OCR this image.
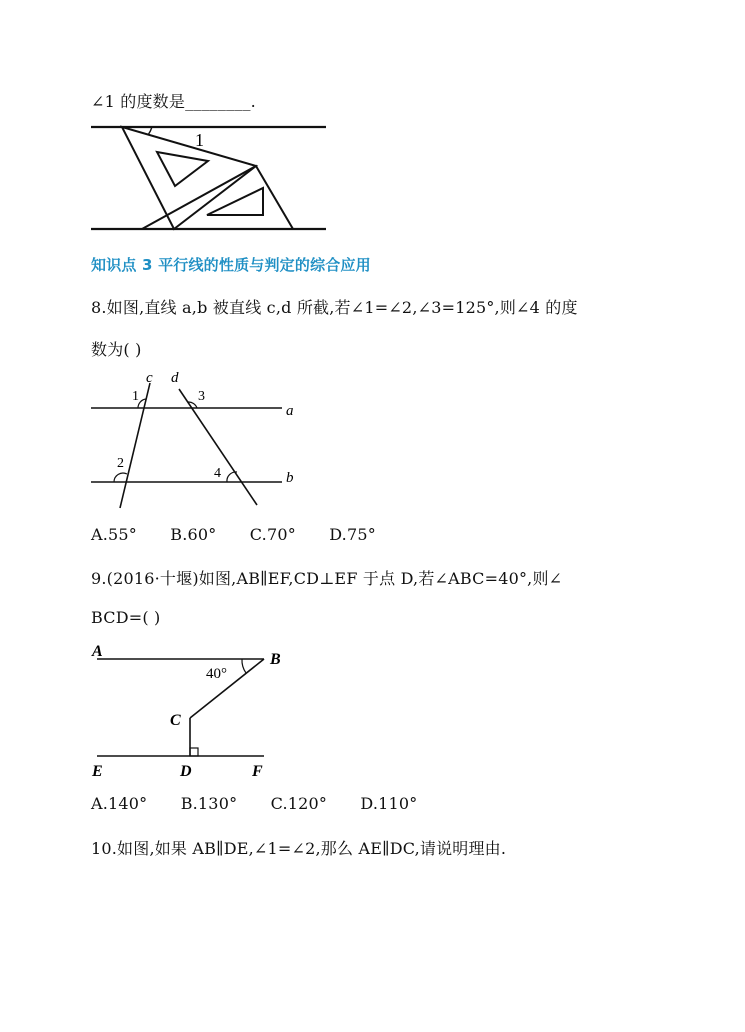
∠1 的度数是________.
1
知识点 3 平行线的性质与判定的综合应用
8.如图,直线 a,b 被直线 c,d 所截,若∠1=∠2,∠3=125°,则∠4 的度
数为( )
c d
a
b
1
2
3
4
A.55° B.60° C.70° D.75°
9.(2016·十堰)如图,AB∥EF,CD⊥EF 于点 D,若∠ABC=40°,则∠
BCD=( )
A	B
C
D
E	F
40°
A.140° B.130° C.120° D.110°
10.如图,如果 AB∥DE,∠1=∠2,那么 AE∥DC,请说明理由.
